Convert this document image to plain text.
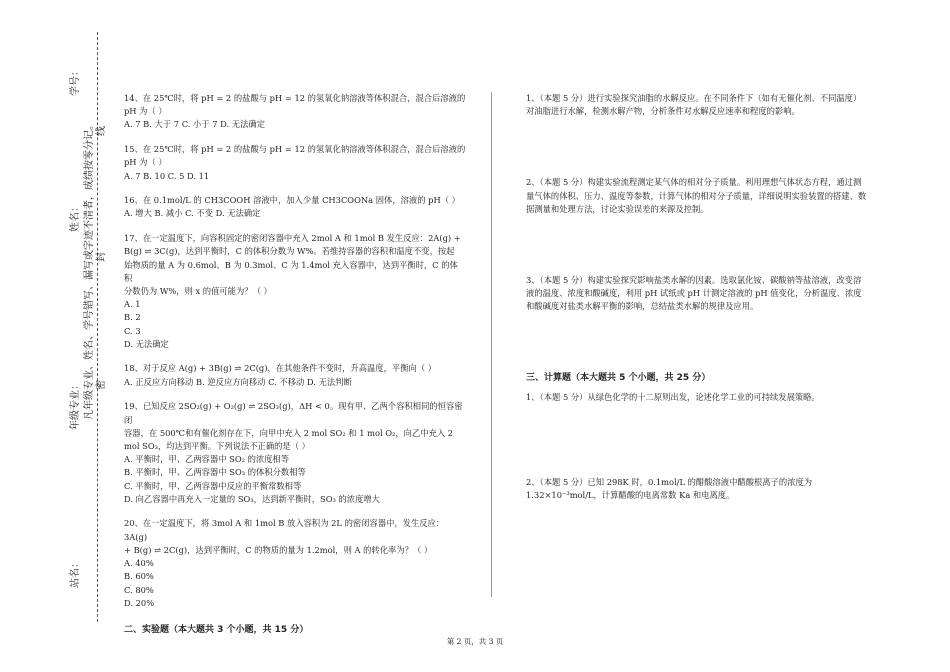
站名：
年级专业：
姓名：
学号：
凡年级专业、姓名、学号错写、漏写或字迹不清者，成绩按零分记。 密
封
线

14、在 25℃时，将 pH = 2 的盐酸与 pH = 12 的氢氧化钠溶液等体积混合，混合后溶液的

pH 为（ ）

A. 7 B. 大于 7 C. 小于 7 D. 无法确定

15、在 25℃时，将 pH = 2 的盐酸与 pH = 12 的氢氧化钠溶液等体积混合，混合后溶液的

pH 为（ ）

A. 7 B. 10 C. 5 D. 11

16、在 0.1mol/L 的 CH3COOH 溶液中，加入少量 CH3COONa 固体，溶液的 pH（ ）

A. 增大 B. 减小 C. 不变 D. 无法确定

17、在一定温度下，向容积固定的密闭容器中充入 2mol A 和 1mol B 发生反应：2A(g) +

B(g) ⇌ 3C(g)，达到平衡时，C 的体积分数为 W%。若维持容器的容积和温度不变，按起

始物质的量 A 为 0.6mol、B 为 0.3mol、C 为 1.4mol 充入容器中，达到平衡时，C 的体积

分数仍为 W%，则 x 的值可能为？（ ）

A. 1

B. 2

C. 3

D. 无法确定

18、对于反应 A(g) + 3B(g) ⇌ 2C(g)，在其他条件不变时，升高温度，平衡向（ ）

A. 正反应方向移动 B. 逆反应方向移动 C. 不移动 D. 无法判断

19、已知反应 2SO₂(g) + O₂(g) ⇌ 2SO₃(g)，ΔH < 0。现有甲、乙两个容积相同的恒容密闭

容器，在 500℃和有催化剂存在下，向甲中充入 2 mol SO₂ 和 1 mol O₂，向乙中充入 2

mol SO₃，均达到平衡。下列说法不正确的是（ ）

A. 平衡时，甲、乙两容器中 SO₂ 的浓度相等

B. 平衡时，甲、乙两容器中 SO₃ 的体积分数相等

C. 平衡时，甲、乙两容器中反应的平衡常数相等

D. 向乙容器中再充入一定量的 SO₃，达到新平衡时，SO₃ 的浓度增大

20、在一定温度下，将 3mol A 和 1mol B 放入容积为 2L 的密闭容器中，发生反应：3A(g)

+ B(g) ⇌ 2C(g)，达到平衡时，C 的物质的量为 1.2mol，则 A 的转化率为？（ ）

A. 40%

B. 60%

C. 80%

D. 20%

二、实验题（本大题共 3 个小题，共 15 分）

1、（本题 5 分）进行实验探究油脂的水解反应。在不同条件下（如有无催化剂、不同温度）

对油脂进行水解，检测水解产物，分析条件对水解反应速率和程度的影响。

2、（本题 5 分）构建实验流程测定某气体的相对分子质量。利用理想气体状态方程，通过测

量气体的体积、压力、温度等参数，计算气体的相对分子质量，详细说明实验装置的搭建、数

据测量和处理方法，讨论实验误差的来源及控制。

3、（本题 5 分）构建实验探究影响盐类水解的因素。选取氯化铵、碳酸钠等盐溶液，改变溶

液的温度、浓度和酸碱度，利用 pH 试纸或 pH 计测定溶液的 pH 值变化，分析温度、浓度

和酸碱度对盐类水解平衡的影响，总结盐类水解的规律及应用。

三、计算题（本大题共 5 个小题，共 25 分）

1、（本题 5 分）从绿色化学的十二原则出发，论述化学工业的可持续发展策略。

2、（本题 5 分）已知 298K 时，0.1mol/L 的醋酸溶液中醋酸根离子的浓度为

1.32×10⁻³mol/L，计算醋酸的电离常数 Ka 和电离度。

第 2 页，共 3 页
